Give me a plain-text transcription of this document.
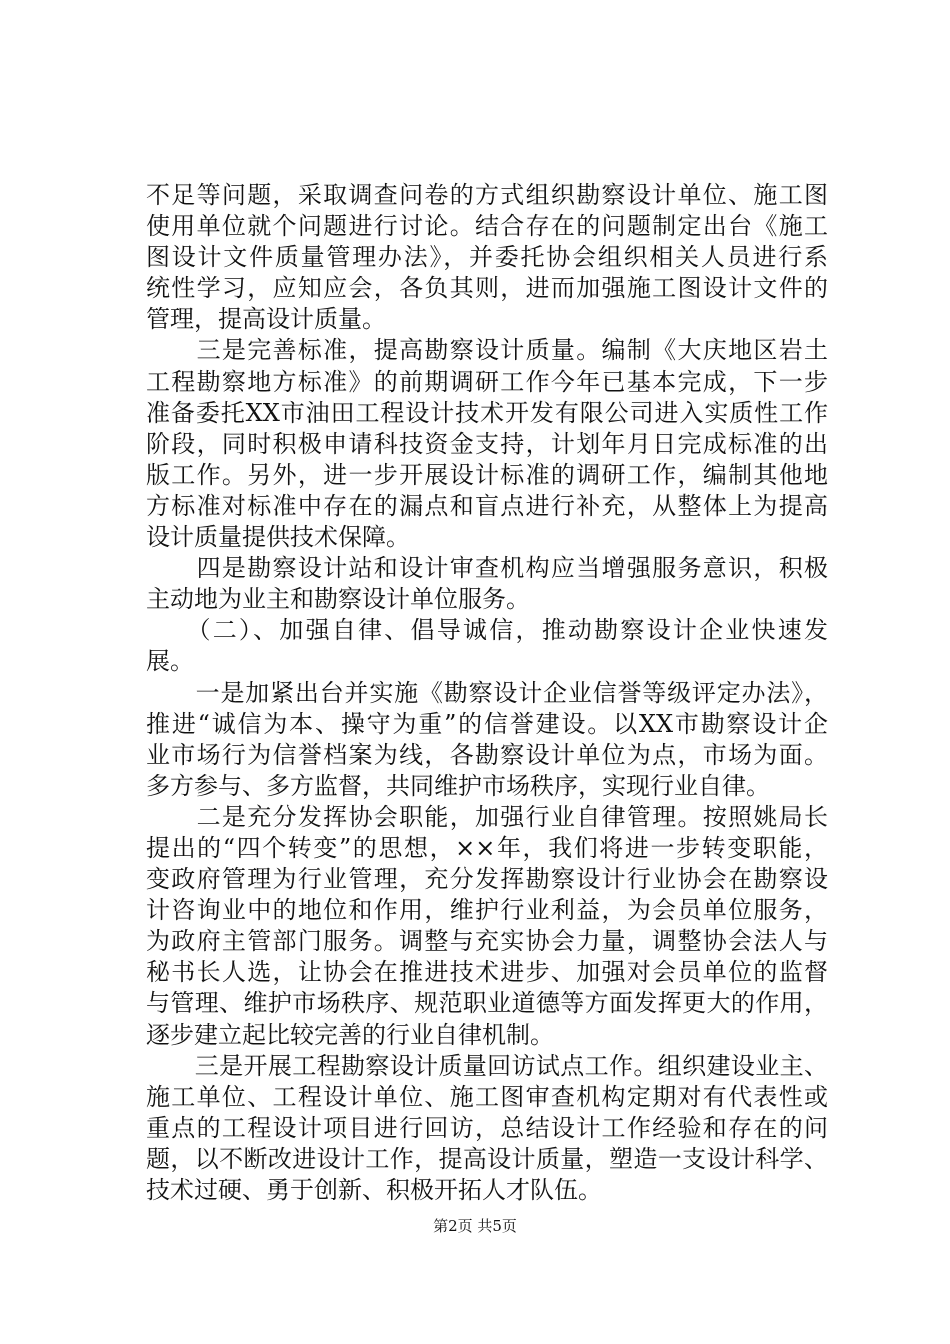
不足等问题，采取调查问卷的方式组织勘察设计单位、施工图
使用单位就个问题进行讨论。结合存在的问题制定出台《施工
图设计文件质量管理办法》，并委托协会组织相关人员进行系
统性学习，应知应会，各负其则，进而加强施工图设计文件的
管理，提高设计质量。
　　三是完善标准，提高勘察设计质量。编制《大庆地区岩土
工程勘察地方标准》的前期调研工作今年已基本完成，下一步
准备委托XX市油田工程设计技术开发有限公司进入实质性工作
阶段，同时积极申请科技资金支持，计划年月日完成标准的出
版工作。另外，进一步开展设计标准的调研工作，编制其他地
方标准对标准中存在的漏点和盲点进行补充，从整体上为提高
设计质量提供技术保障。
　　四是勘察设计站和设计审查机构应当增强服务意识，积极
主动地为业主和勘察设计单位服务。
　　（二）、加强自律、倡导诚信，推动勘察设计企业快速发
展。
　　一是加紧出台并实施《勘察设计企业信誉等级评定办法》，
推进“诚信为本、操守为重”的信誉建设。以XX市勘察设计企
业市场行为信誉档案为线，各勘察设计单位为点，市场为面。
多方参与、多方监督，共同维护市场秩序，实现行业自律。
　　二是充分发挥协会职能，加强行业自律管理。按照姚局长
提出的“四个转变”的思想，××年，我们将进一步转变职能，
变政府管理为行业管理，充分发挥勘察设计行业协会在勘察设
计咨询业中的地位和作用，维护行业利益，为会员单位服务，
为政府主管部门服务。调整与充实协会力量，调整协会法人与
秘书长人选，让协会在推进技术进步、加强对会员单位的监督
与管理、维护市场秩序、规范职业道德等方面发挥更大的作用，
逐步建立起比较完善的行业自律机制。
　　三是开展工程勘察设计质量回访试点工作。组织建设业主、
施工单位、工程设计单位、施工图审查机构定期对有代表性或
重点的工程设计项目进行回访，总结设计工作经验和存在的问
题，以不断改进设计工作，提高设计质量，塑造一支设计科学、
技术过硬、勇于创新、积极开拓人才队伍。
第2页 共5页
